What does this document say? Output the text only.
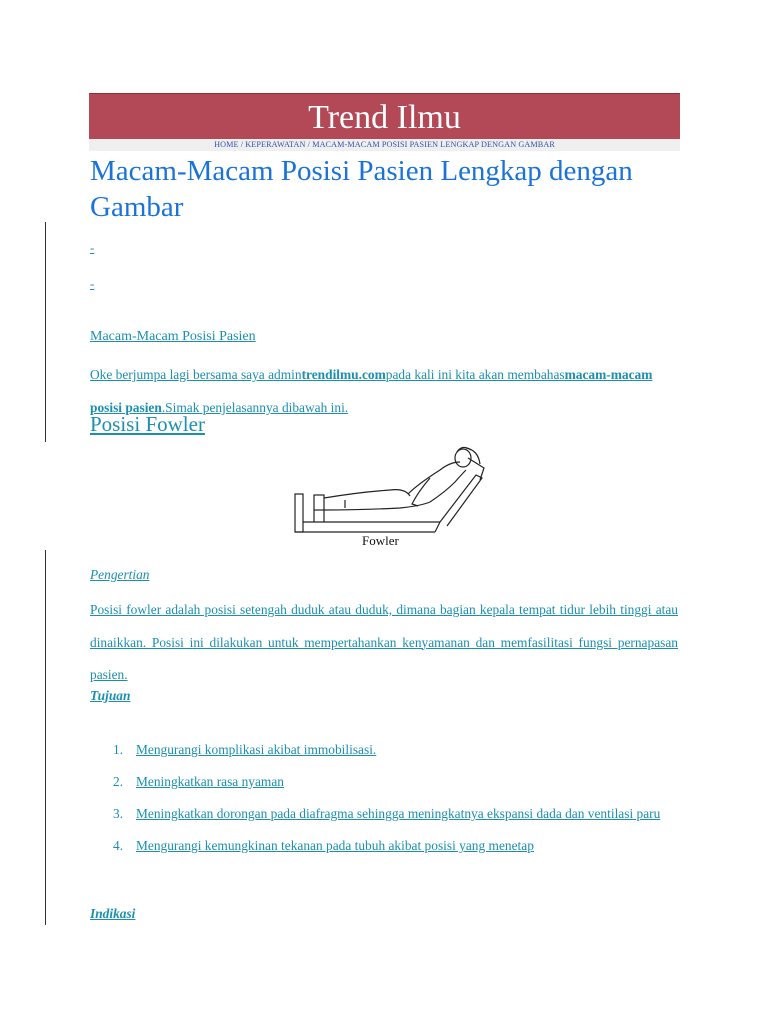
Trend Ilmu
HOME / KEPERAWATAN / MACAM-MACAM POSISI PASIEN LENGKAP DENGAN GAMBAR
Macam-Macam Posisi Pasien Lengkap dengan Gambar
-
-
Macam-Macam Posisi Pasien
Oke berjumpa lagi bersama saya admintrendilmu.compada kali ini kita akan membahasmacam-macam posisi pasien.Simak penjelasannya dibawah ini.
Posisi Fowler
Fowler
Pengertian
Posisi fowler adalah posisi setengah duduk atau duduk, dimana bagian kepala tempat tidur lebih tinggi atau dinaikkan. Posisi ini dilakukan untuk mempertahankan kenyamanan dan memfasilitasi fungsi pernapasan pasien.
Tujuan
1. Mengurangi komplikasi akibat immobilisasi.
2. Meningkatkan rasa nyaman
3. Meningkatkan dorongan pada diafragma sehingga meningkatnya ekspansi dada dan ventilasi paru
4. Mengurangi kemungkinan tekanan pada tubuh akibat posisi yang menetap
Indikasi
